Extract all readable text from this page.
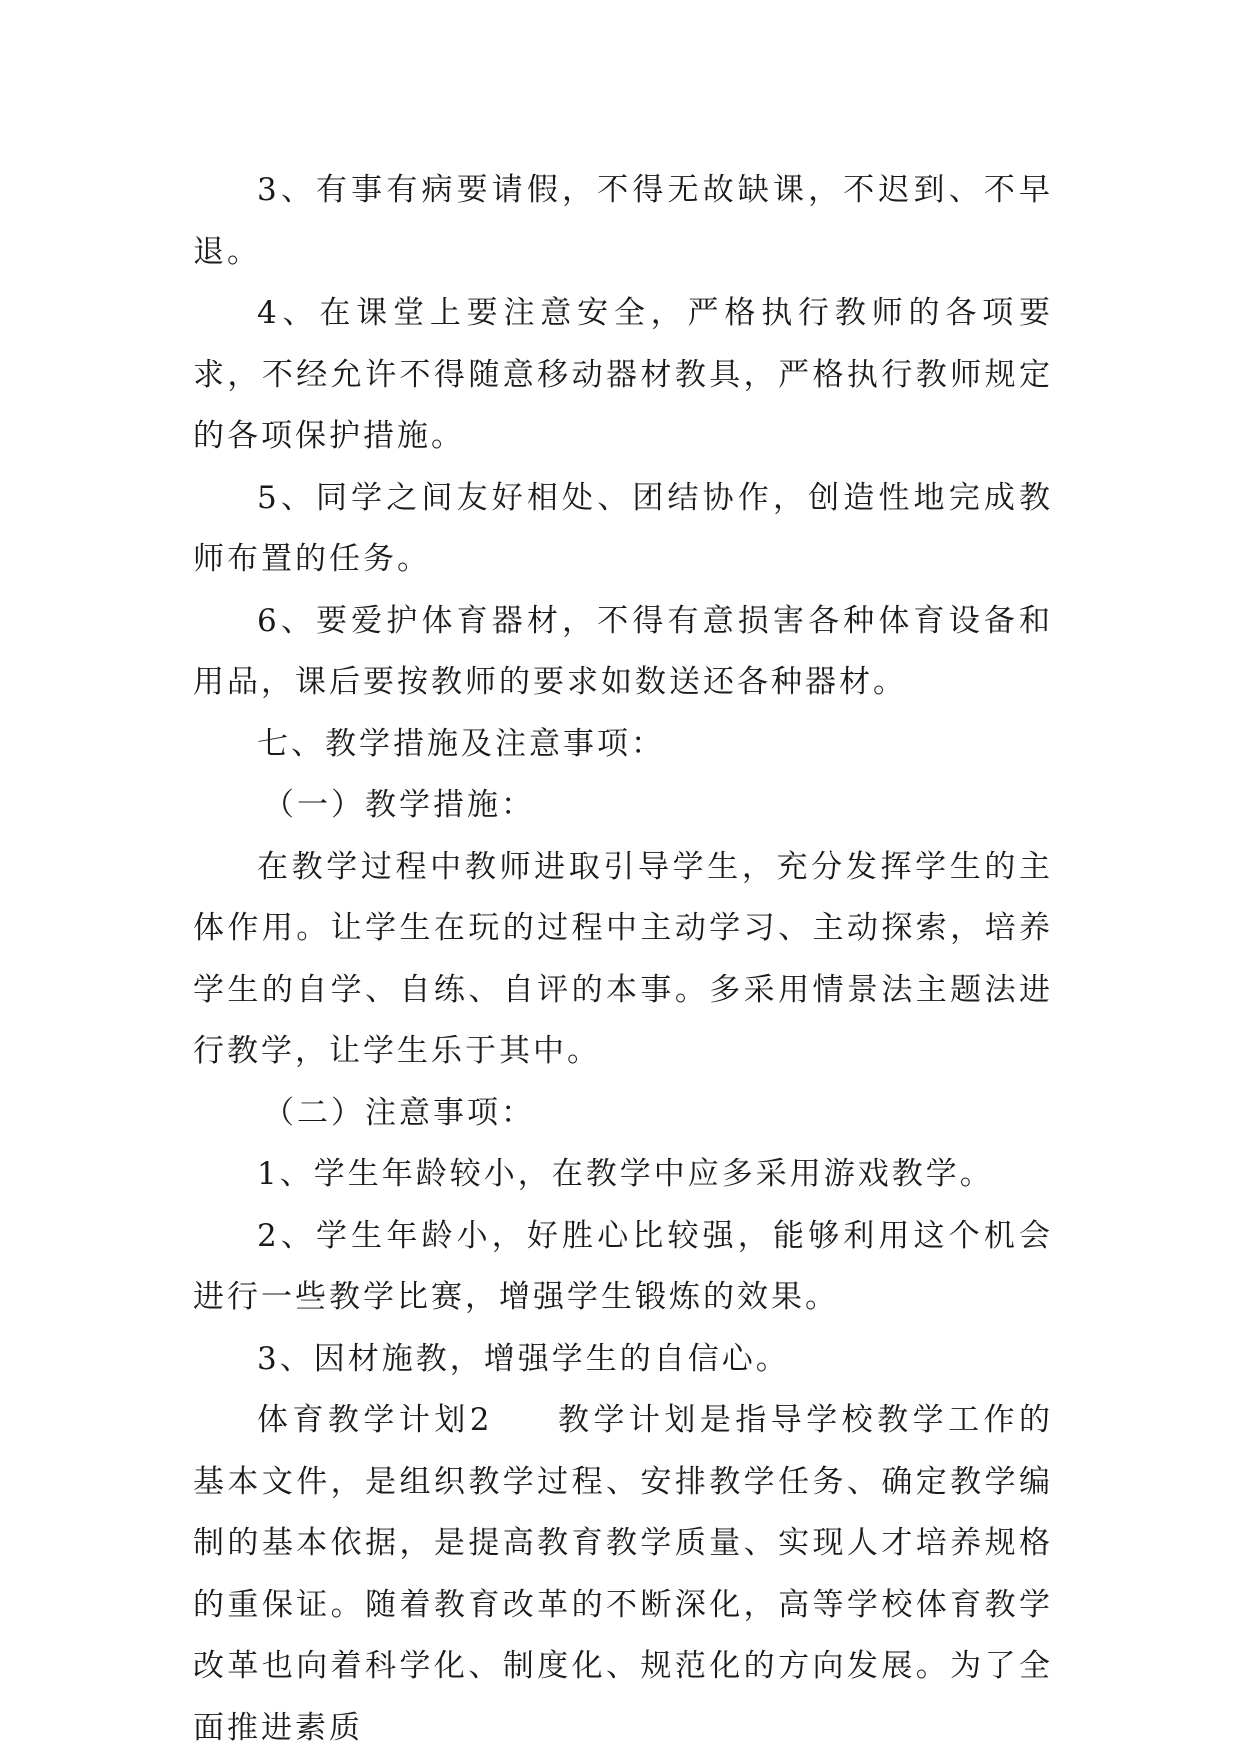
3、有事有病要请假，不得无故缺课，不迟到、不早退。

4、在课堂上要注意安全，严格执行教师的各项要求，不经允许不得随意移动器材教具，严格执行教师规定的各项保护措施。

5、同学之间友好相处、团结协作，创造性地完成教师布置的任务。

6、要爱护体育器材，不得有意损害各种体育设备和用品，课后要按教师的要求如数送还各种器材。

七、教学措施及注意事项：

（一）教学措施：

在教学过程中教师进取引导学生，充分发挥学生的主体作用。让学生在玩的过程中主动学习、主动探索，培养学生的自学、自练、自评的本事。多采用情景法主题法进行教学，让学生乐于其中。

（二）注意事项：

1、学生年龄较小，在教学中应多采用游戏教学。

2、学生年龄小，好胜心比较强，能够利用这个机会进行一些教学比赛，增强学生锻炼的效果。

3、因材施教，增强学生的自信心。

体育教学计划2 教学计划是指导学校教学工作的基本文件，是组织教学过程、安排教学任务、确定教学编制的基本依据，是提高教育教学质量、实现人才培养规格的重保证。随着教育改革的不断深化，高等学校体育教学改革也向着科学化、制度化、规范化的方向发展。为了全面推进素质
